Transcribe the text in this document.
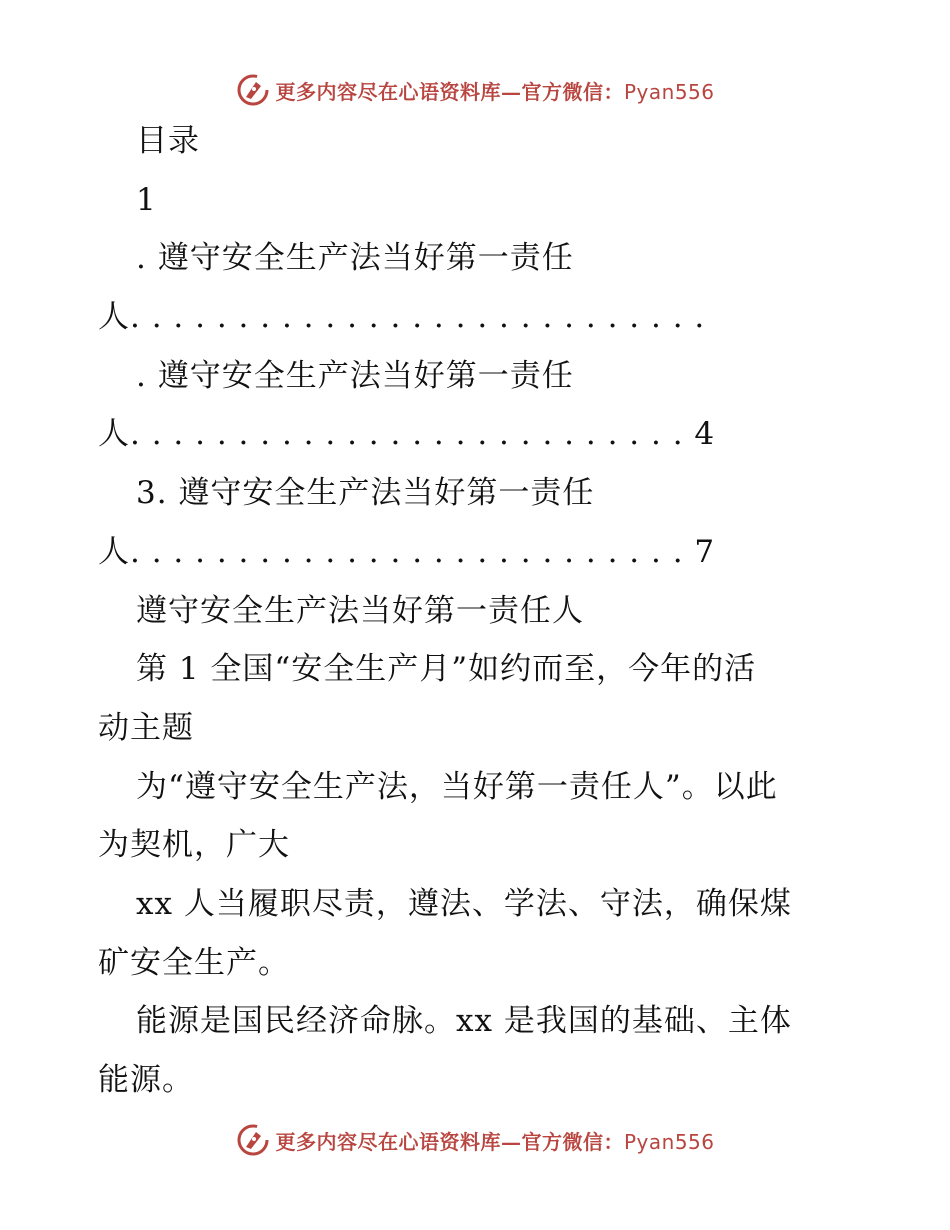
更多内容尽在心语资料库—官方微信：Pyan556
目录
1
. 遵守安全生产法当好第一责任
人. . . . . . . . . . . . . . . . . . . . . . . . . . .
. 遵守安全生产法当好第一责任
人. . . . . . . . . . . . . . . . . . . . . . . . . . 4
3. 遵守安全生产法当好第一责任
人. . . . . . . . . . . . . . . . . . . . . . . . . . 7
遵守安全生产法当好第一责任人
第 1 全国“安全生产月”如约而至，今年的活
动主题
为“遵守安全生产法，当好第一责任人”。以此
为契机，广大
xx 人当履职尽责，遵法、学法、守法，确保煤
矿安全生产。
能源是国民经济命脉。xx 是我国的基础、主体
能源。
更多内容尽在心语资料库—官方微信：Pyan556
